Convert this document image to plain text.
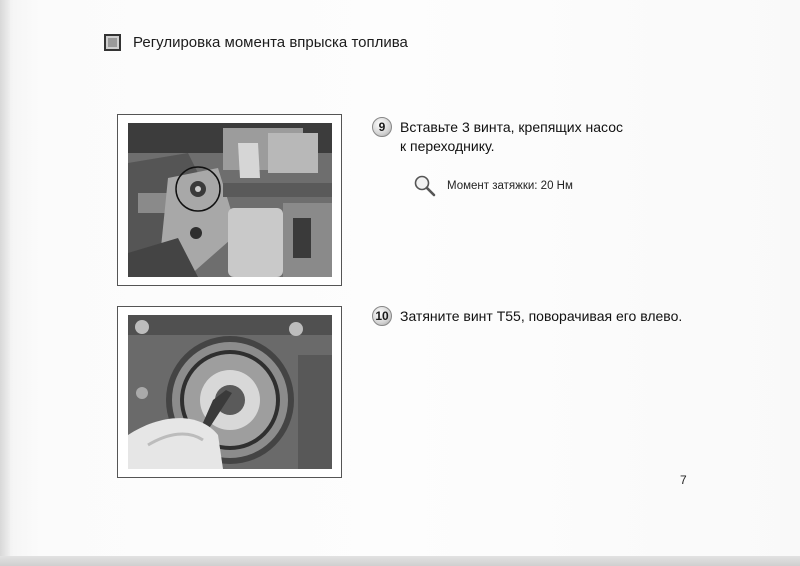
Регулировка момента впрыска топлива
9	Вставьте 3 винта, крепящих насос
к переходнику.
Момент затяжки: 20 Нм
10 Затяните винт Т55, поворачивая его влево.
7
